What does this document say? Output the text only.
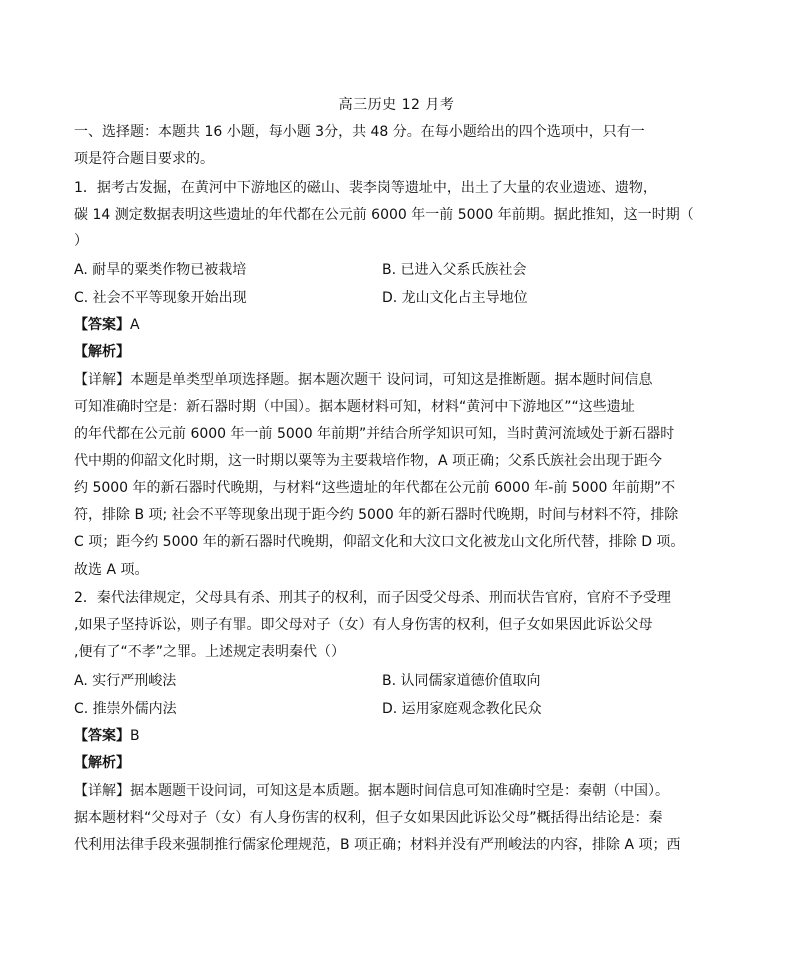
高三历史 12 月考
一、选择题：本题共 16 小题，每小题 3分，共 48 分。在每小题给出的四个选项中，只有一
项是符合题目要求的。
1．据考古发掘，在黄河中下游地区的磁山、裴李岗等遗址中，出土了大量的农业遗迹、遗物，
碳 14 测定数据表明这些遗址的年代都在公元前 6000 年一前 5000 年前期。据此推知，这一时期（
）
A. 耐旱的粟类作物已被栽培	B. 已进入父系氏族社会
C. 社会不平等现象开始出现	D. 龙山文化占主导地位
【答案】A
【解析】
【详解】本题是单类型单项选择题。据本题次题干 设问词，可知这是推断题。据本题时间信息
可知准确时空是：新石器时期（中国）。据本题材料可知，材料“黄河中下游地区”“这些遗址
的年代都在公元前 6000 年一前 5000 年前期”并结合所学知识可知，当时黄河流域处于新石器时
代中期的仰韶文化时期，这一时期以粟等为主要栽培作物，A 项正确；父系氏族社会出现于距今
约 5000 年的新石器时代晚期，与材料“这些遗址的年代都在公元前 6000 年-前 5000 年前期”不
符，排除 B 项; 社会不平等现象出现于距今约 5000 年的新石器时代晚期，时间与材料不符，排除
C 项；距今约 5000 年的新石器时代晚期，仰韶文化和大汶口文化被龙山文化所代替，排除 D 项。
故选 A 项。
2．秦代法律规定，父母具有杀、刑其子的权利，而子因受父母杀、刑而状告官府，官府不予受理
,如果子坚持诉讼，则子有罪。即父母对子（女）有人身伤害的权利，但子女如果因此诉讼父母
,便有了“不孝”之罪。上述规定表明秦代（）
A. 实行严刑峻法	B. 认同儒家道德价值取向
C. 推崇外儒内法	D. 运用家庭观念教化民众
【答案】B
【解析】
【详解】据本题题干设问词，可知这是本质题。据本题时间信息可知准确时空是：秦朝（中国）。
据本题材料“父母对子（女）有人身伤害的权利，但子女如果因此诉讼父母”概括得出结论是：秦
代利用法律手段来强制推行儒家伦理规范，B 项正确；材料并没有严刑峻法的内容，排除 A 项；西
